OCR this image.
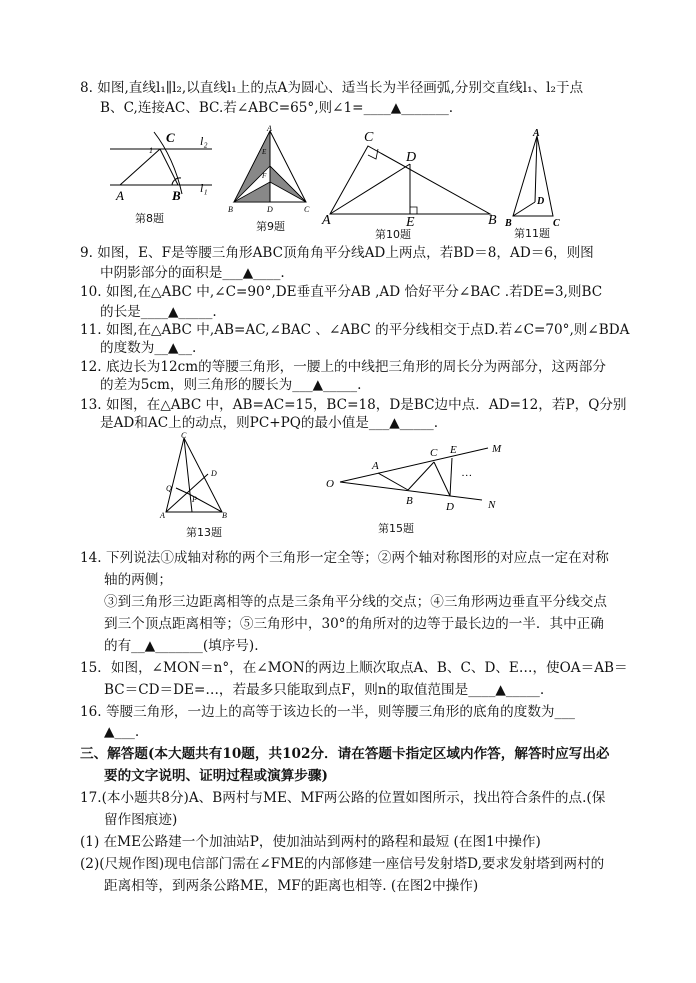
8. 如图,直线l₁∥l₂,以直线l₁上的点A为圆心、适当长为半径画弧,分别交直线l₁、l₂于点
B、C,连接AC、BC.若∠ABC=65°,则∠1=____▲_______.
C
1
l₂
l₁
A	B
第8题
A
E
F
B	D	C
第9题
C
D
A	E	B
第10题
A
D
B	C
第11题
9. 如图，E、F是等腰三角形ABC顶角角平分线AD上两点，若BD＝8，AD＝6，则图
中阴影部分的面积是___▲____.
10. 如图,在△ABC 中,∠C=90°,DE垂直平分AB ,AD 恰好平分∠BAC .若DE=3,则BC
的长是____▲_____.
11. 如图,在△ABC 中,AB=AC,∠BAC 、∠ABC 的平分线相交于点D.若∠C=70°,则∠BDA
的度数为__▲__.
12. 底边长为12cm的等腰三角形，一腰上的中线把三角形的周长分为两部分，这两部分
的差为5cm，则三角形的腰长为___▲_____.
13. 如图，在△ABC 中，AB=AC=15，BC=18，D是BC边中点．AD=12，若P，Q分别
是AD和AC上的动点，则PC+PQ的最小值是___▲_____.
C
Q
P
D
A	B
第13题
M
C E
A
O
B	D	N
…
第15题
14. 下列说法①成轴对称的两个三角形一定全等；②两个轴对称图形的对应点一定在对称
轴的两侧；
③到三角形三边距离相等的点是三条角平分线的交点；④三角形两边垂直平分线交点
到三个顶点距离相等；⑤三角形中，30°的角所对的边等于最长边的一半．其中正确
的有__▲_______(填序号).
15．如图，∠MON＝n°，在∠MON的两边上顺次取点A、B、C、D、E…，使OA＝AB＝
BC＝CD＝DE=…，若最多只能取到点F，则n的取值范围是____▲_____.
16. 等腰三角形，一边上的高等于该边长的一半，则等腰三角形的底角的度数为___
▲___.
三、解答题(本大题共有10题，共102分．请在答题卡指定区域内作答，解答时应写出必
要的文字说明、证明过程或演算步骤)
17.(本小题共8分)A、B两村与ME、MF两公路的位置如图所示，找出符合条件的点.(保
留作图痕迹)
(1) 在ME公路建一个加油站P，使加油站到两村的路程和最短 (在图1中操作)
(2)(尺规作图)现电信部门需在∠FME的内部修建一座信号发射塔D,要求发射塔到两村的
距离相等，到两条公路ME，MF的距离也相等. (在图2中操作)
